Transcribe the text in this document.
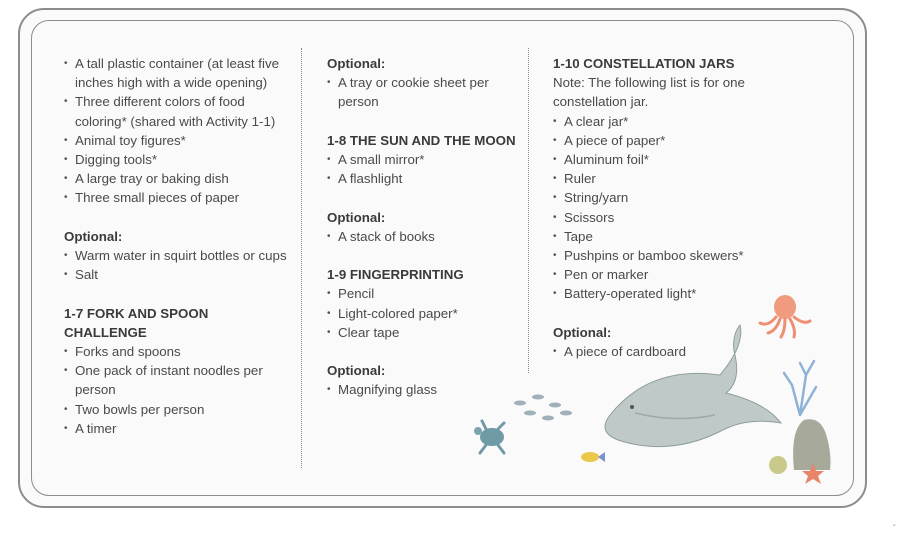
• A tall plastic container (at least five inches high with a wide opening)
• Three different colors of food coloring* (shared with Activity 1-1)
• Animal toy figures*
• Digging tools*
• A large tray or baking dish
• Three small pieces of paper
Optional:
• Warm water in squirt bottles or cups
• Salt
1-7 FORK AND SPOON CHALLENGE
• Forks and spoons
• One pack of instant noodles per person
• Two bowls per person
• A timer
Optional:
• A tray or cookie sheet per person
1-8 THE SUN AND THE MOON
• A small mirror*
• A flashlight
Optional:
• A stack of books
1-9 FINGERPRINTING
• Pencil
• Light-colored paper*
• Clear tape
Optional:
• Magnifying glass
1-10 CONSTELLATION JARS
Note: The following list is for one constellation jar.
• A clear jar*
• A piece of paper*
• Aluminum foil*
• Ruler
• String/yarn
• Scissors
• Tape
• Pushpins or bamboo skewers*
• Pen or marker
• Battery-operated light*
Optional:
• A piece of cardboard
-
